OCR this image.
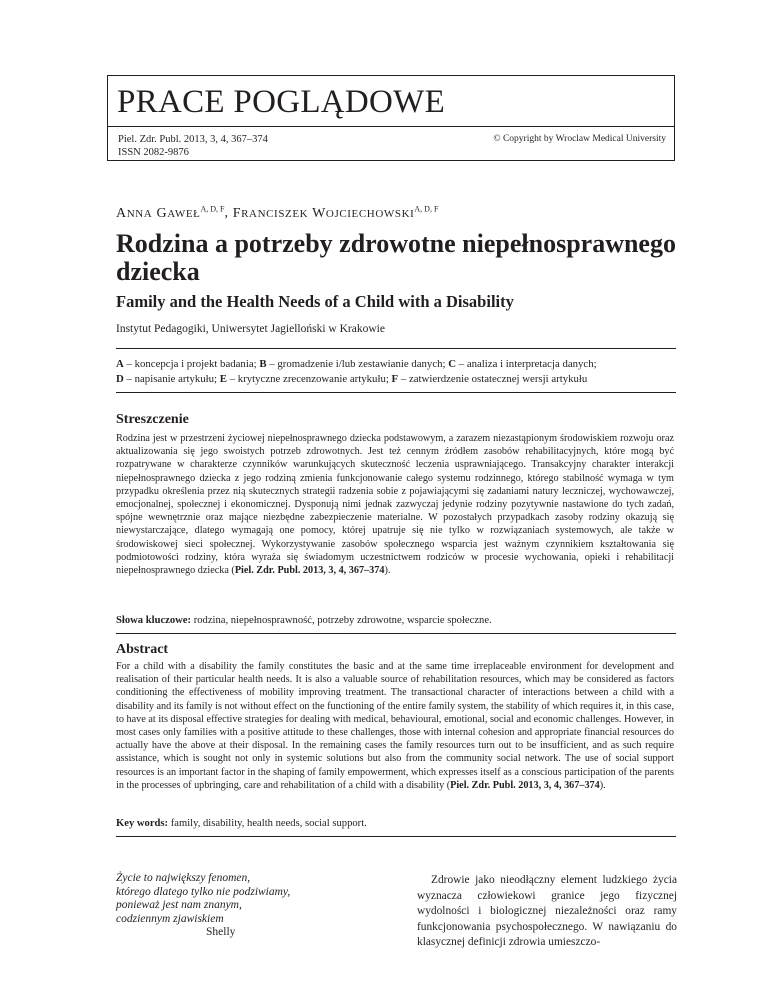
PRACE POGLĄDOWE
Piel. Zdr. Publ. 2013, 3, 4, 367–374
ISSN 2082-9876
© Copyright by Wroclaw Medical University
ANNA $GAWEŁ^{A, D, F}$, FRANCISZEK $WOJCIECHOWSKI^{A, D, F}$
Rodzina a potrzeby zdrowotne niepełnosprawnego dziecka
Family and the Health Needs of a Child with a Disability
Instytut Pedagogiki, Uniwersytet Jagielloński w Krakowie
A – koncepcja i projekt badania; B – gromadzenie i/lub zestawianie danych; C – analiza i interpretacja danych;
D – napisanie artykułu; E – krytyczne zrecenzowanie artykułu; F – zatwierdzenie ostatecznej wersji artykułu
Streszczenie

Rodzina jest w przestrzeni życiowej niepełnosprawnego dziecka podstawowym, a zarazem niezastąpionym środowiskiem rozwoju oraz aktualizowania się jego swoistych potrzeb zdrowotnych. Jest też cennym źródłem zasobów rehabilitacyjnych, które mogą być rozpatrywane w charakterze czynników warunkujących skuteczność leczenia usprawniającego. Transakcyjny charakter interakcji niepełnosprawnego dziecka z jego rodziną zmienia funkcjonowanie całego systemu rodzinnego, którego stabilność wymaga w tym przypadku określenia przez nią skutecznych strategii radzenia sobie z pojawiającymi się zadaniami natury leczniczej, wychowawczej, emocjonalnej, społecznej i ekonomicznej. Dysponują nimi jednak zazwyczaj jedynie rodziny pozytywnie nastawione do tych zadań, spójne wewnętrznie oraz mające niezbędne zabezpieczenie materialne. W pozostałych przypadkach zasoby rodziny okazują się niewystarczające, dlatego wymagają one pomocy, której upatruje się nie tylko w rozwiązaniach systemowych, ale także w środowiskowej sieci społecznej. Wykorzystywanie zasobów społecznego wsparcia jest ważnym czynnikiem kształtowania się podmiotowości rodziny, która wyraża się świadomym uczestnictwem rodziców w procesie wychowania, opieki i rehabilitacji niepełnosprawnego dziecka (Piel. Zdr. Publ. 2013, 3, 4, 367–374).

Słowa kluczowe: rodzina, niepełnosprawność, potrzeby zdrowotne, wsparcie społeczne.

Abstract

For a child with a disability the family constitutes the basic and at the same time irreplaceable environment for development and realisation of their particular health needs. It is also a valuable source of rehabilitation resources, which may be considered as factors conditioning the effectiveness of mobility improving treatment. The transactional character of interactions between a child with a disability and its family is not without effect on the functioning of the entire family system, the stability of which requires it, in this case, to have at its disposal effective strategies for dealing with medical, behavioural, emotional, social and economic challenges. However, in most cases only families with a positive attitude to these challenges, those with internal cohesion and appropriate financial resources do actually have the above at their disposal. In the remaining cases the family resources turn out to be insufficient, and as such require assistance, which is sought not only in systemic solutions but also from the community social network. The use of social support resources is an important factor in the shaping of family empowerment, which expresses itself as a conscious participation of the parents in the processes of upbringing, care and rehabilitation of a child with a disability (Piel. Zdr. Publ. 2013, 3, 4, 367–374).

Key words: family, disability, health needs, social support.

Życie to największy fenomen,
którego dlatego tylko nie podziwiamy,
ponieważ jest nam znanym,
codziennym zjawiskiem
Shelly

Zdrowie jako nieodłączny element ludzkiego życia wyznacza człowiekowi granice jego fizycznej wydolności i biologicznej niezależności oraz ramy funkcjonowania psychospołecznego. W nawiązaniu do klasycznej definicji zdrowia umieszczo-
